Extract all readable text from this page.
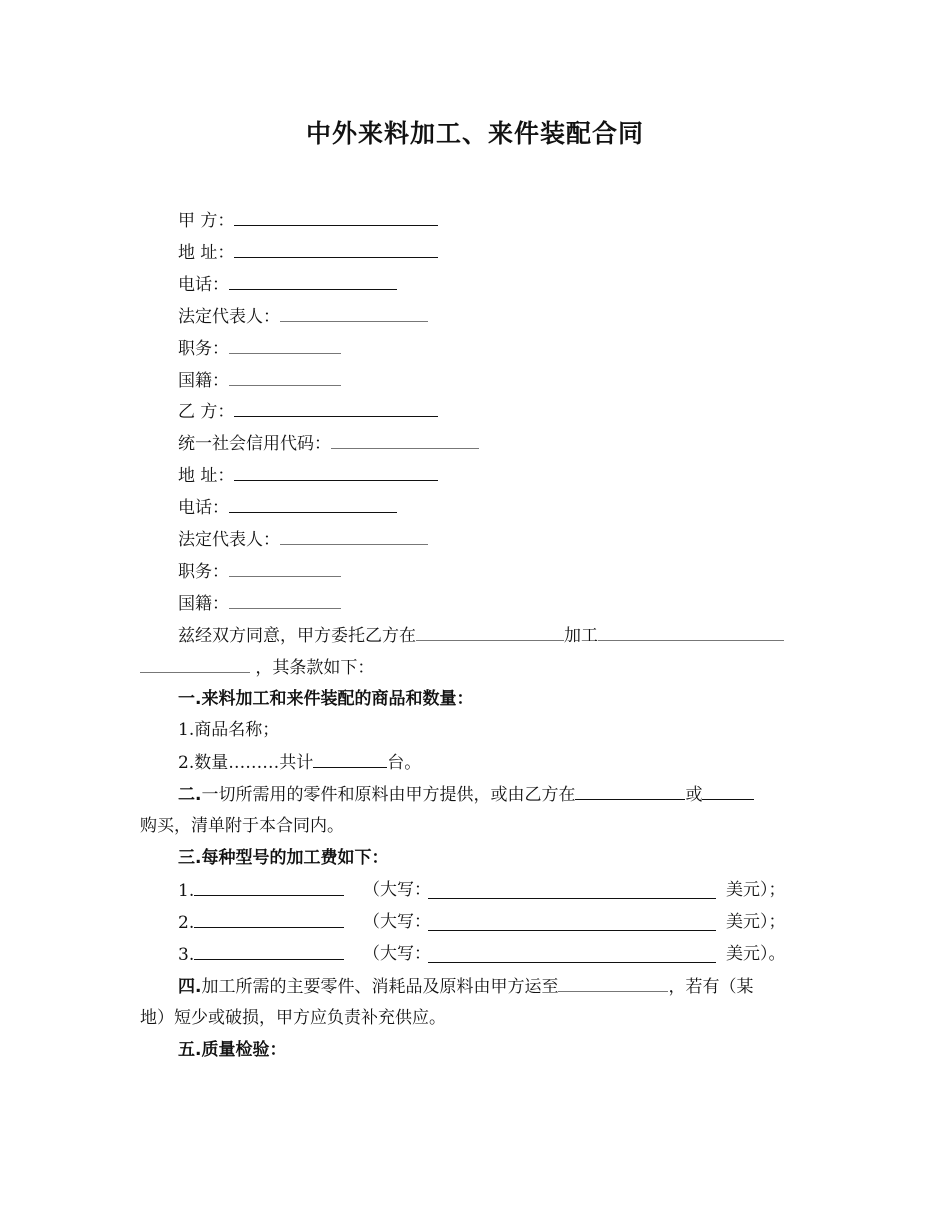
中外来料加工、来件装配合同
甲 方：
地 址：
电话：
法定代表人：
职务：
国籍：
乙 方：
统一社会信用代码：
地 址：
电话：
法定代表人：
职务：
国籍：
兹经双方同意，甲方委托乙方在	加工
，其条款如下：
一.来料加工和来件装配的商品和数量：
1.商品名称；
2.数量………共计	台。
二.一切所需用的零件和原料由甲方提供，或由乙方在	或
购买，清单附于本合同内。
三.每种型号的加工费如下：
1.	（大写：	美元）；
2.	（大写：	美元）；
3.	（大写：	美元）。
四.加工所需的主要零件、消耗品及原料由甲方运至	，若有（某
地）短少或破损，甲方应负责补充供应。
五.质量检验：
